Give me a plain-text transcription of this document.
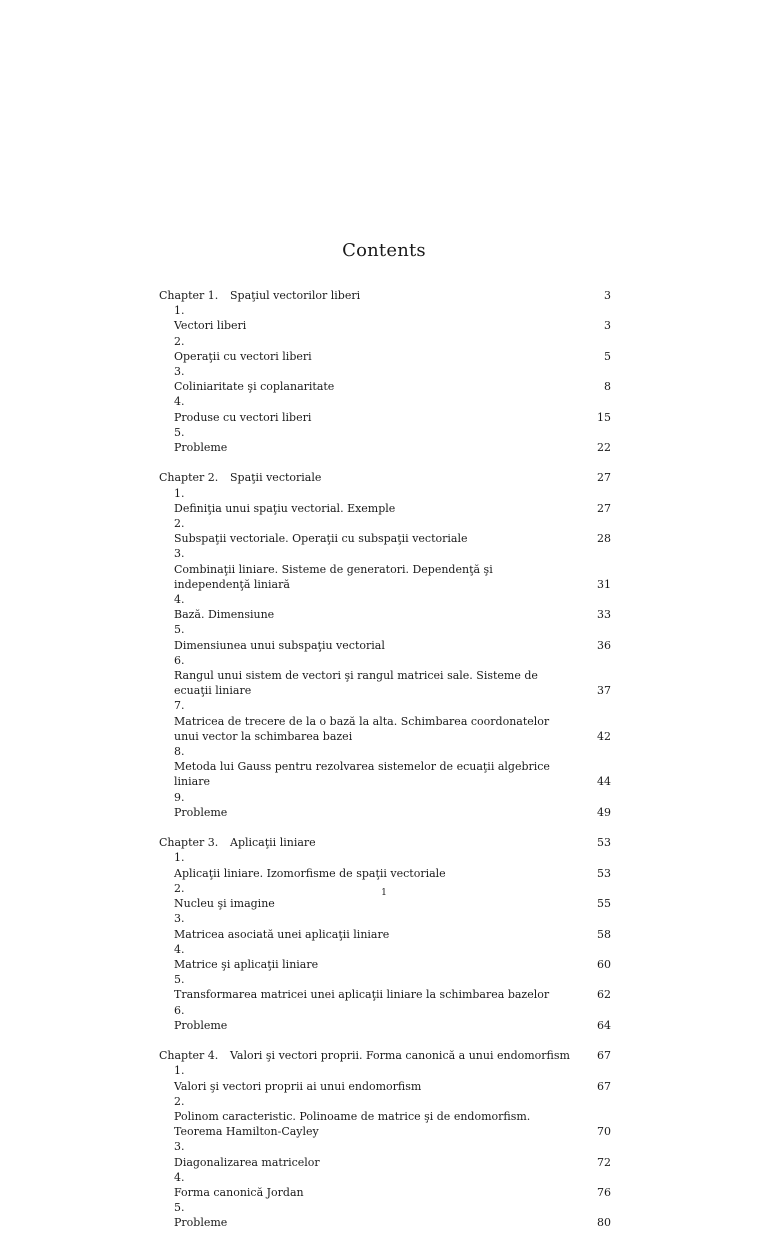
Contents
Chapter 1. Spaţiul vectorilor liberi	3
1.Vectori liberi	3
2.Operaţii cu vectori liberi	5
3.Coliniaritate şi coplanaritate	8
4.Produse cu vectori liberi	15
5.Probleme	22
Chapter 2. Spaţii vectoriale	27
1.Definiţia unui spaţiu vectorial. Exemple	27
2.Subspaţii vectoriale. Operaţii cu subspaţii vectoriale	28
3.Combinaţii liniare. Sisteme de generatori. Dependenţă şi independenţă liniară	31
4.Bază. Dimensiune	33
5.Dimensiunea unui subspaţiu vectorial	36
6.Rangul unui sistem de vectori şi rangul matricei sale. Sisteme de ecuaţii liniare	37
7.Matricea de trecere de la o bază la alta. Schimbarea coordonatelor unui vector la schimbarea bazei	42
8.Metoda lui Gauss pentru rezolvarea sistemelor de ecuaţii algebrice liniare	44
9.Probleme	49
Chapter 3. Aplicaţii liniare	53
1.Aplicaţii liniare. Izomorfisme de spaţii vectoriale	53
2.Nucleu şi imagine	55
3.Matricea asociată unei aplicaţii liniare	58
4.Matrice şi aplicaţii liniare	60
5.Transformarea matricei unei aplicaţii liniare la schimbarea bazelor	62
6.Probleme	64
Chapter 4. Valori şi vectori proprii. Forma canonică a unui endomorfism 67
1.Valori şi vectori proprii ai unui endomorfism	67
2.Polinom caracteristic. Polinoame de matrice şi de endomorfism. Teorema Hamilton-Cayley	70
3.Diagonalizarea matricelor	72
4.Forma canonică Jordan	76
5.Probleme	80
1
